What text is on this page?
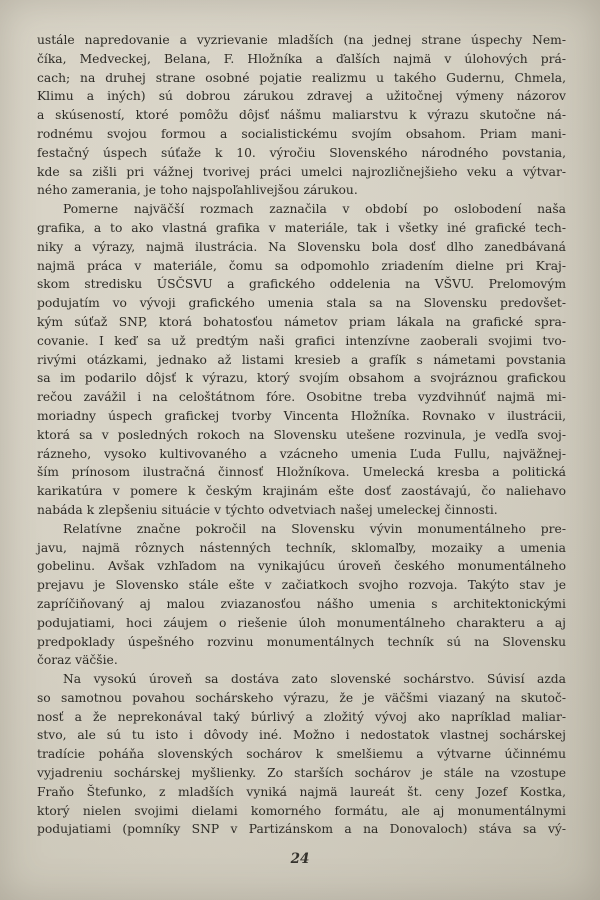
ustále napredovanie a vyzrievanie mladších (na jednej strane úspechy Nem-
číka, Medveckej, Belana, F. Hložníka a ďalších najmä v úlohových prá-
cach; na druhej strane osobné pojatie realizmu u takého Gudernu, Chmela,
Klimu a iných) sú dobrou zárukou zdravej a užitočnej výmeny názorov
a skúseností, ktoré pomôžu dôjsť nášmu maliarstvu k výrazu skutočne ná-
rodnému svojou formou a socialistickému svojím obsahom. Priam mani-
festačný úspech súťaže k 10. výročiu Slovenského národného povstania,
kde sa zišli pri vážnej tvorivej práci umelci najrozličnejšieho veku a výtvar-
ného zamerania, je toho najspoľahlivejšou zárukou.
Pomerne najväčší rozmach zaznačila v období po oslobodení naša
grafika, a to ako vlastná grafika v materiále, tak i všetky iné grafické tech-
niky a výrazy, najmä ilustrácia. Na Slovensku bola dosť dlho zanedbávaná
najmä práca v materiále, čomu sa odpomohlo zriadením dielne pri Kraj-
skom stredisku ÚSČSVU a grafického oddelenia na VŠVU. Prelomovým
podujatím vo vývoji grafického umenia stala sa na Slovensku predovšet-
kým súťaž SNP, ktorá bohatosťou námetov priam lákala na grafické spra-
covanie. I keď sa už predtým naši grafici intenzívne zaoberali svojimi tvo-
rivými otázkami, jednako až listami kresieb a grafík s námetami povstania
sa im podarilo dôjsť k výrazu, ktorý svojím obsahom a svojráznou grafickou
rečou zavážil i na celoštátnom fóre. Osobitne treba vyzdvihnúť najmä mi-
moriadny úspech grafickej tvorby Vincenta Hložníka. Rovnako v ilustrácii,
ktorá sa v posledných rokoch na Slovensku utešene rozvinula, je vedľa svoj-
rázneho, vysoko kultivovaného a vzácneho umenia Ľuda Fullu, najväžnej-
ším prínosom ilustračná činnosť Hložníkova. Umelecká kresba a politická
karikatúra v pomere k českým krajinám ešte dosť zaostávajú, čo naliehavo
nabáda k zlepšeniu situácie v týchto odvetviach našej umeleckej činnosti.
Relatívne značne pokročil na Slovensku vývin monumentálneho pre-
javu, najmä rôznych nástenných techník, sklomaľby, mozaiky a umenia
gobelinu. Avšak vzhľadom na vynikajúcu úroveň českého monumentálneho
prejavu je Slovensko stále ešte v začiatkoch svojho rozvoja. Takýto stav je
zapríčiňovaný aj malou zviazanosťou nášho umenia s architektonickými
podujatiami, hoci záujem o riešenie úloh monumentálneho charakteru a aj
predpoklady úspešného rozvinu monumentálnych techník sú na Slovensku
čoraz väčšie.
Na vysokú úroveň sa dostáva zato slovenské sochárstvo. Súvisí azda
so samotnou povahou sochárskeho výrazu, že je väčšmi viazaný na skutoč-
nosť a že neprekonával taký búrlivý a zložitý vývoj ako napríklad maliar-
stvo, ale sú tu isto i dôvody iné. Možno i nedostatok vlastnej sochárskej
tradície poháňa slovenských sochárov k smelšiemu a výtvarne účinnému
vyjadreniu sochárskej myšlienky. Zo starších sochárov je stále na vzostupe
Fraňo Štefunko, z mladších vyniká najmä laureát št. ceny Jozef Kostka,
ktorý nielen svojimi dielami komorného formátu, ale aj monumentálnymi
podujatiami (pomníky SNP v Partizánskom a na Donovaloch) stáva sa vý-
24
